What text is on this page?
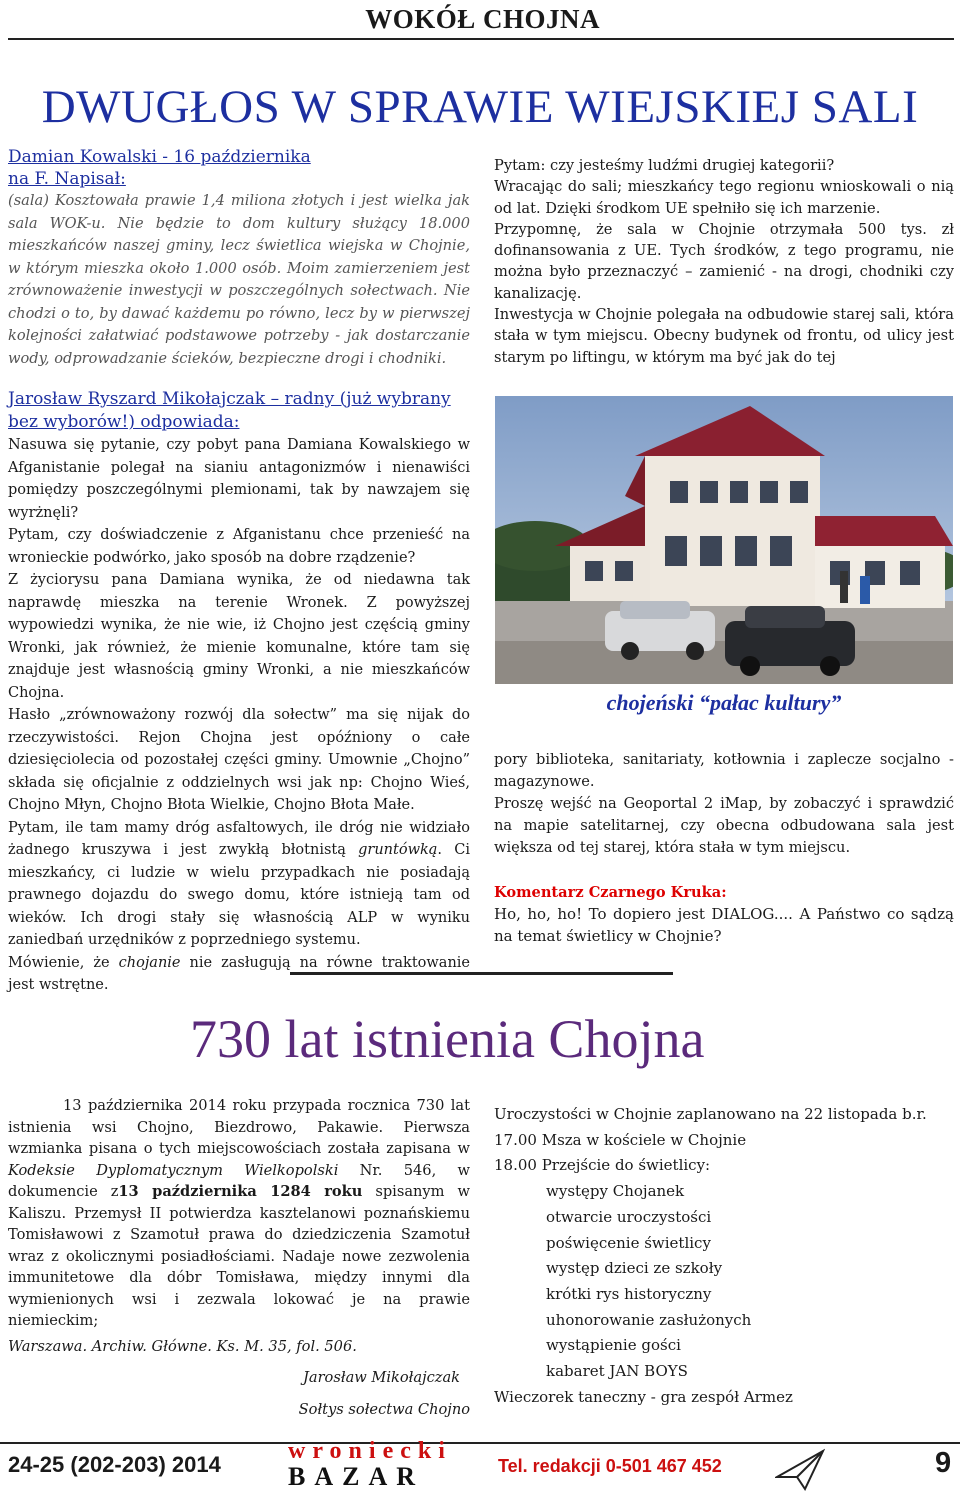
WOKÓŁ CHOJNA
DWUGŁOS W SPRAWIE WIEJSKIEJ SALI
Damian Kowalski - 16 października
na F. Napisał:

(sala) Kosztowała prawie 1,4 miliona złotych i jest wielka jak sala WOK-u. Nie będzie to dom kultury służący 18.000 mieszkańców naszej gminy, lecz świetlica wiejska w Chojnie, w którym mieszka około 1.000 osób. Moim zamierzeniem jest zrównoważenie inwestycji w poszczególnych sołectwach. Nie chodzi o to, by dawać każdemu po równo, lecz by w pierwszej kolejności załatwiać podstawowe potrzeby - jak dostarczanie wody, odprowadzanie ścieków, bezpieczne drogi i chodniki.

Jarosław Ryszard Mikołajczak – radny (już wybrany
bez wyborów!) odpowiada:

Nasuwa się pytanie, czy pobyt pana Damiana Kowalskiego w Afganistanie polegał na sianiu antagonizmów i nienawiści pomiędzy poszczególnymi plemionami, tak by nawzajem się wyrżnęli?

Pytam, czy doświadczenie z Afganistanu chce przenieść na wronieckie podwórko, jako sposób na dobre rządzenie?

Z życiorysu pana Damiana wynika, że od niedawna tak naprawdę mieszka na terenie Wronek. Z powyższej wypowiedzi wynika, że nie wie, iż Chojno jest częścią gminy Wronki, jak również, że mienie komunalne, które tam się znajduje jest własnością gminy Wronki, a nie mieszkańców Chojna.

Hasło „zrównoważony rozwój dla sołectw” ma się nijak do rzeczywistości. Rejon Chojna jest opóźniony o całe dziesięciolecia od pozostałej części gminy. Umownie „Chojno” składa się oficjalnie z oddzielnych wsi jak np: Chojno Wieś, Chojno Młyn, Chojno Błota Wielkie, Chojno Błota Małe.

Pytam, ile tam mamy dróg asfaltowych, ile dróg nie widziało żadnego kruszywa i jest zwykłą błotnistą gruntówką. Ci mieszkańcy, ci ludzie w wielu przypadkach nie posiadają prawnego dojazdu do swego domu, które istnieją tam od wieków. Ich drogi stały się własnością ALP w wyniku zaniedbań urzędników z poprzedniego systemu.

Mówienie, że chojanie nie zasługują na równe traktowanie jest wstrętne.

Pytam: czy jesteśmy ludźmi drugiej kategorii?

Wracając do sali; mieszkańcy tego regionu wnioskowali o nią od lat. Dzięki środkom UE spełniło się ich marzenie.

Przypomnę, że sala w Chojnie otrzymała 500 tys. zł dofinansowania z UE. Tych środków, z tego programu, nie można było przeznaczyć – zamienić - na drogi, chodniki czy kanalizację.

Inwestycja w Chojnie polegała na odbudowie starej sali, która stała w tym miejscu. Obecny budynek od frontu, od ulicy jest starym po liftingu, w którym ma być jak do tej

chojeński “pałac kultury”

pory biblioteka, sanitariaty, kotłownia i zaplecze socjalno - magazynowe.

Proszę wejść na Geoportal 2 iMap, by zobaczyć i sprawdzić na mapie satelitarnej, czy obecna odbudowana sala jest większa od tej starej, która stała w tym miejscu.

Komentarz Czarnego Kruka:

Ho, ho, ho! To dopiero jest DIALOG.... A Państwo co sądzą na temat świetlicy w Chojnie?

730 lat istnienia Chojna

13 października 2014 roku przypada rocznica 730 lat istnienia wsi Chojno, Biezdrowo, Pakawie. Pierwsza wzmianka pisana o tych miejscowościach została zapisana w Kodeksie Dyplomatycznym Wielkopolski Nr. 546, w dokumencie z13 października 1284 roku spisanym w Kaliszu. Przemysł II potwierdza kasztelanowi poznańskiemu Tomisławowi z Szamotuł prawa do dziedziczenia Szamotuł wraz z okolicznymi posiadłościami. Nadaje nowe zezwolenia immunitetowe dla dóbr Tomisława, między innymi dla wymienionych wsi i zezwala lokować je na prawie niemieckim;

Warszawa. Archiw. Główne. Ks. M. 35, fol. 506.

Jarosław Mikołajczak

Sołtys sołectwa Chojno

Uroczystości w Chojnie zaplanowano na 22 listopada b.r.

17.00 Msza w kościele w Chojnie

18.00 Przejście do świetlicy:

występy Chojanek
otwarcie uroczystości
poświęcenie świetlicy
występ dzieci ze szkoły
krótki rys historyczny
uhonorowanie zasłużonych
wystąpienie gości
kabaret JAN BOYS

Wieczorek taneczny - gra zespół Armez

24-25 (202-203) 2014
wroniecki
BAZAR	Tel. redakcji 0-501 467 452	9
